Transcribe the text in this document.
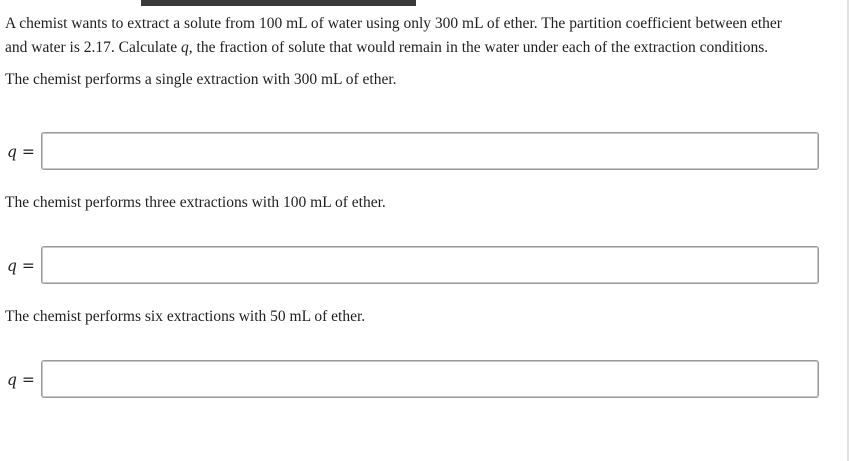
A chemist wants to extract a solute from 100 mL of water using only 300 mL of ether. The partition coefficient between ether

and water is 2.17. Calculate q, the fraction of solute that would remain in the water under each of the extraction conditions.

The chemist performs a single extraction with 300 mL of ether.

q =

The chemist performs three extractions with 100 mL of ether.

q =

The chemist performs six extractions with 50 mL of ether.

q =
